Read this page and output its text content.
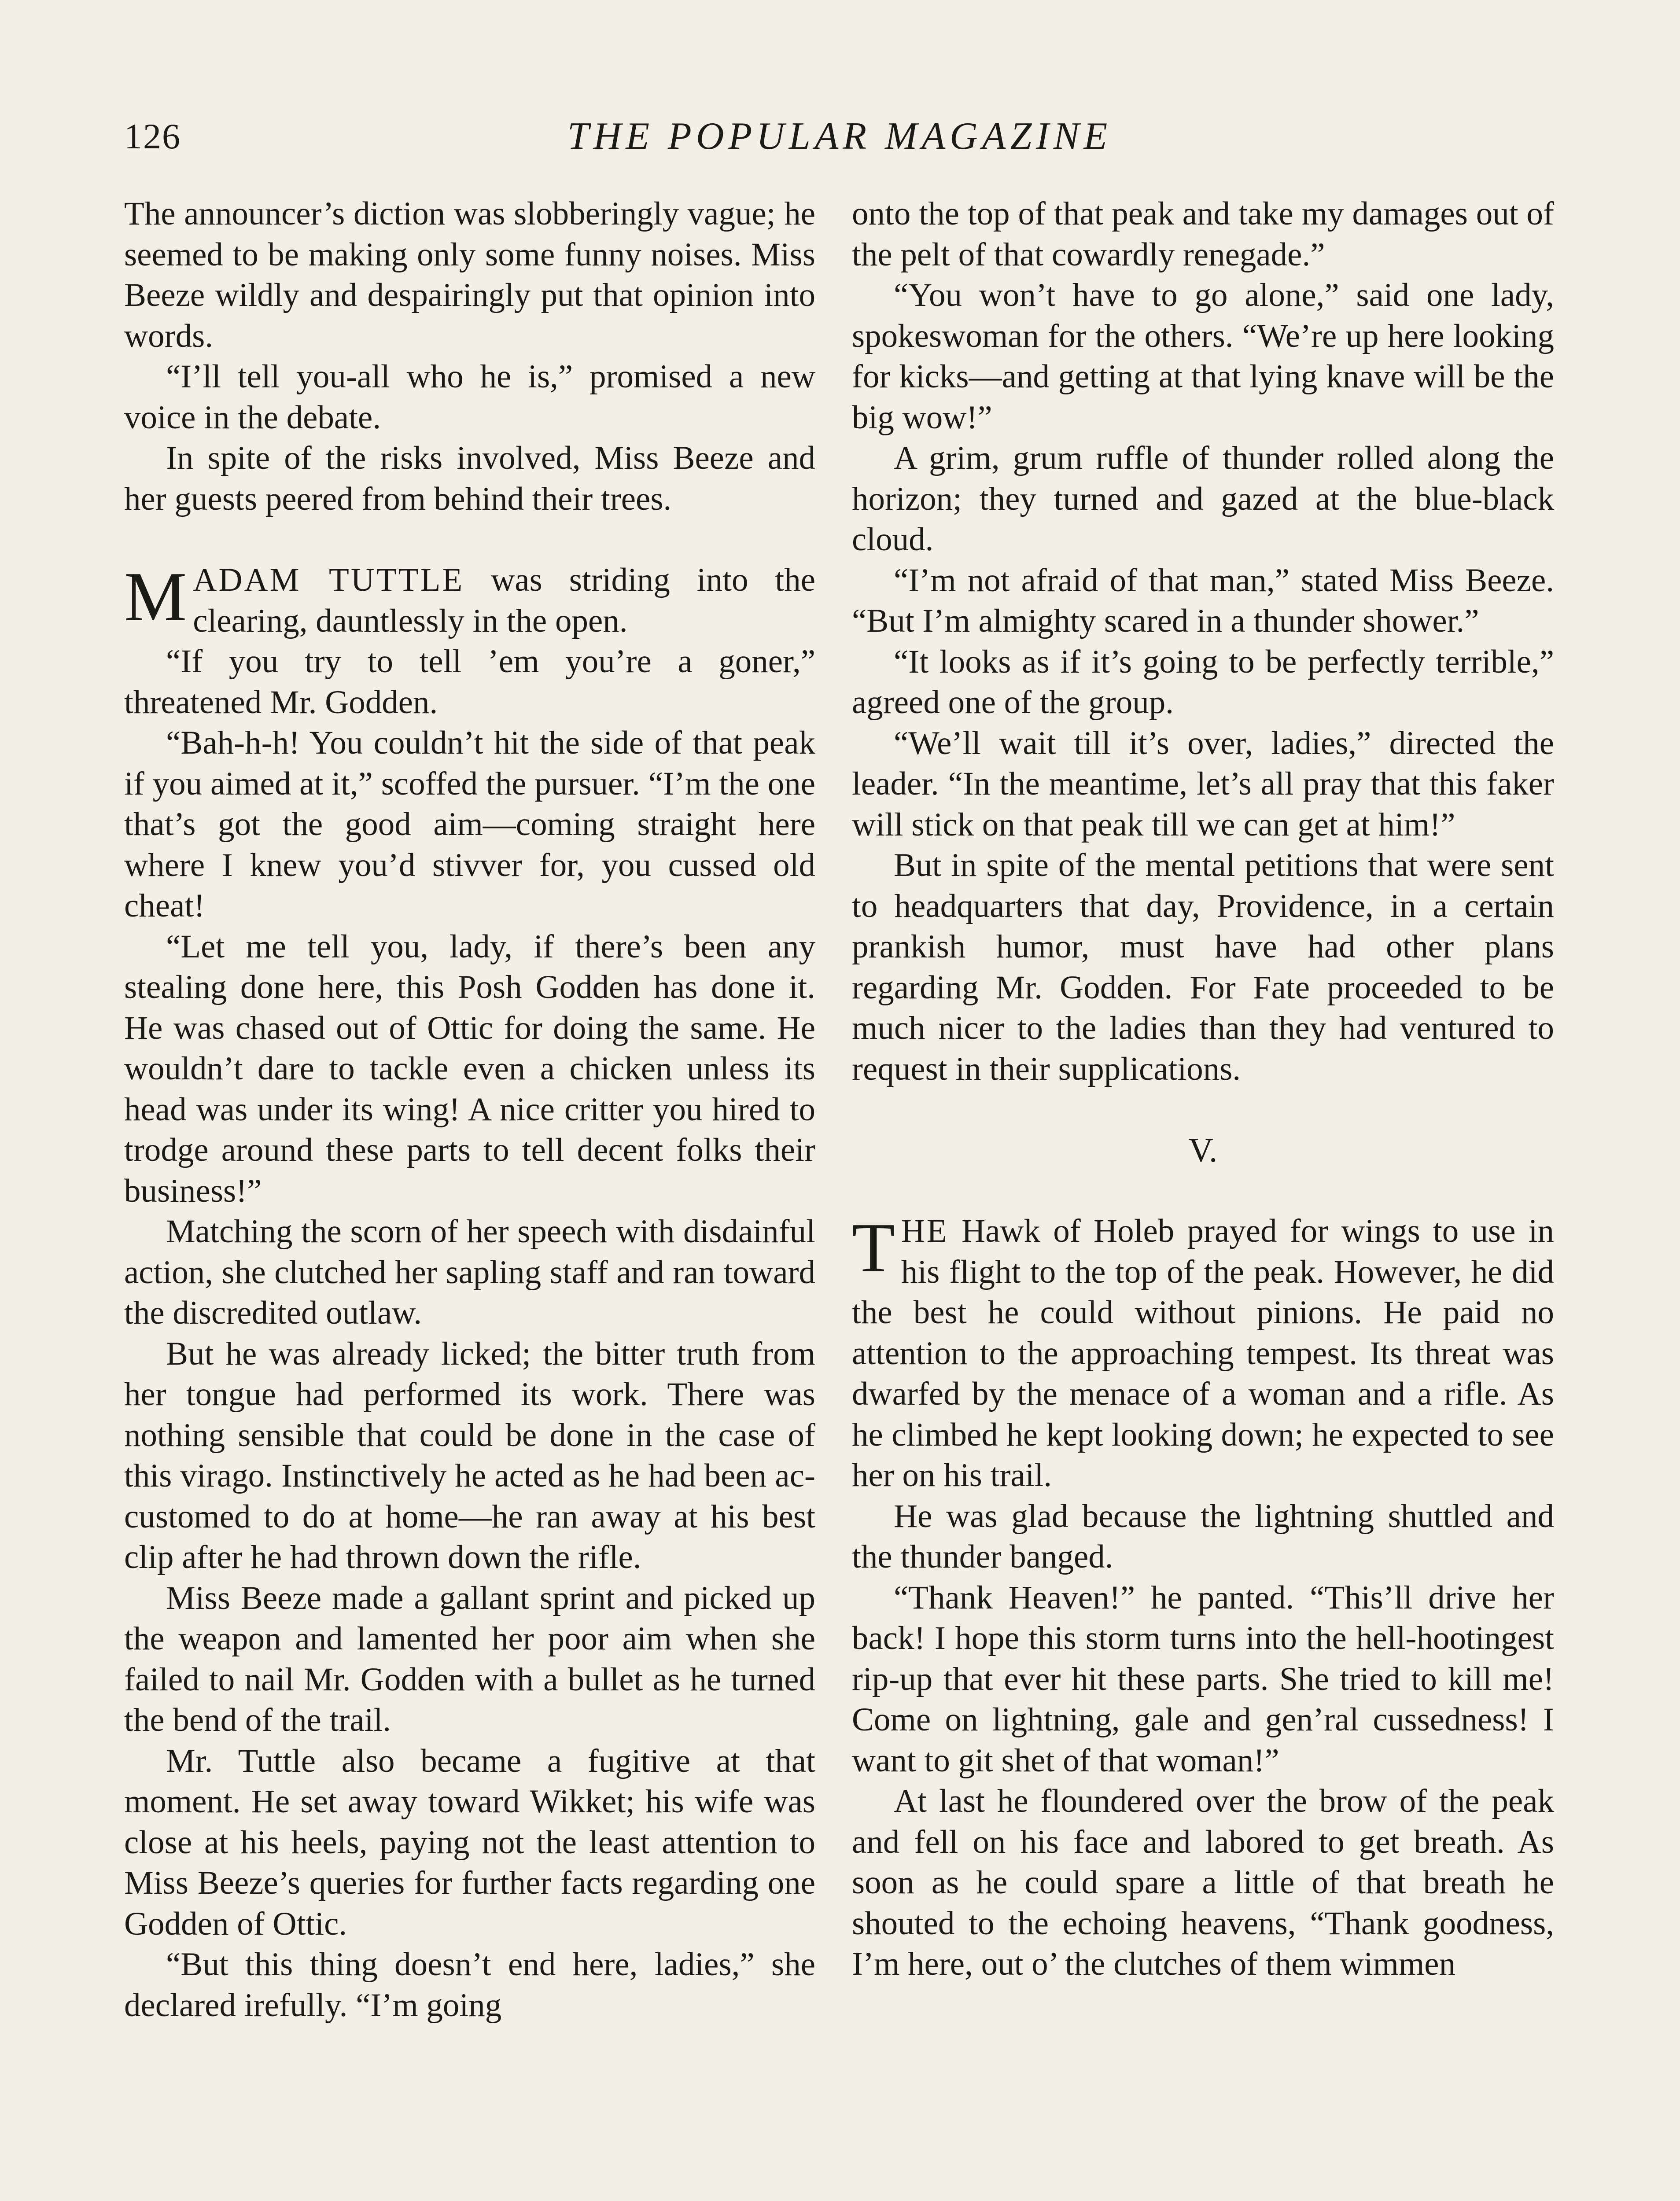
126	THE POPULAR MAGAZINE

The announcer’s diction was slobberingly vague; he seemed to be making only some funny noises. Miss Beeze wildly and despairingly put that opinion into words.

“I’ll tell you-all who he is,” promised a new voice in the debate.

In spite of the risks involved, Miss Beeze and her guests peered from behind their trees.

MADAM TUTTLE was striding into the clearing, dauntlessly in the open.

“If you try to tell ’em you’re a goner,” threatened Mr. Godden.

“Bah-h-h! You couldn’t hit the side of that peak if you aimed at it,” scoffed the pursuer. “I’m the one that’s got the good aim—coming straight here where I knew you’d stivver for, you cussed old cheat!

“Let me tell you, lady, if there’s been any stealing done here, this Posh Godden has done it. He was chased out of Ottic for doing the same. He wouldn’t dare to tackle even a chicken unless its head was under its wing! A nice critter you hired to trodge around these parts to tell decent folks their business!”

Matching the scorn of her speech with disdainful action, she clutched her sapling staff and ran toward the discredited outlaw.

But he was already licked; the bitter truth from her tongue had performed its work. There was nothing sensible that could be done in the case of this virago. Instinctively he acted as he had been accustomed to do at home—he ran away at his best clip after he had thrown down the rifle.

Miss Beeze made a gallant sprint and picked up the weapon and lamented her poor aim when she failed to nail Mr. Godden with a bullet as he turned the bend of the trail.

Mr. Tuttle also became a fugitive at that moment. He set away toward Wikket; his wife was close at his heels, paying not the least attention to Miss Beeze’s queries for further facts regarding one Godden of Ottic.

“But this thing doesn’t end here, ladies,” she declared irefully. “I’m going

onto the top of that peak and take my damages out of the pelt of that cowardly renegade.”

“You won’t have to go alone,” said one lady, spokeswoman for the others. “We’re up here looking for kicks—and getting at that lying knave will be the big wow!”

A grim, grum ruffle of thunder rolled along the horizon; they turned and gazed at the blue-black cloud.

“I’m not afraid of that man,” stated Miss Beeze. “But I’m almighty scared in a thunder shower.”

“It looks as if it’s going to be perfectly terrible,” agreed one of the group.

“We’ll wait till it’s over, ladies,” directed the leader. “In the meantime, let’s all pray that this faker will stick on that peak till we can get at him!”

But in spite of the mental petitions that were sent to headquarters that day, Providence, in a certain prankish humor, must have had other plans regarding Mr. Godden. For Fate proceeded to be much nicer to the ladies than they had ventured to request in their supplications.

V.

THE Hawk of Holeb prayed for wings to use in his flight to the top of the peak. However, he did the best he could without pinions. He paid no attention to the approaching tempest. Its threat was dwarfed by the menace of a woman and a rifle. As he climbed he kept looking down; he expected to see her on his trail.

He was glad because the lightning shuttled and the thunder banged.

“Thank Heaven!” he panted. “This’ll drive her back! I hope this storm turns into the hell-hootingest rip-up that ever hit these parts. She tried to kill me! Come on lightning, gale and gen’ral cussedness! I want to git shet of that woman!”

At last he floundered over the brow of the peak and fell on his face and labored to get breath. As soon as he could spare a little of that breath he shouted to the echoing heavens, “Thank goodness, I’m here, out o’ the clutches of them wimmen
